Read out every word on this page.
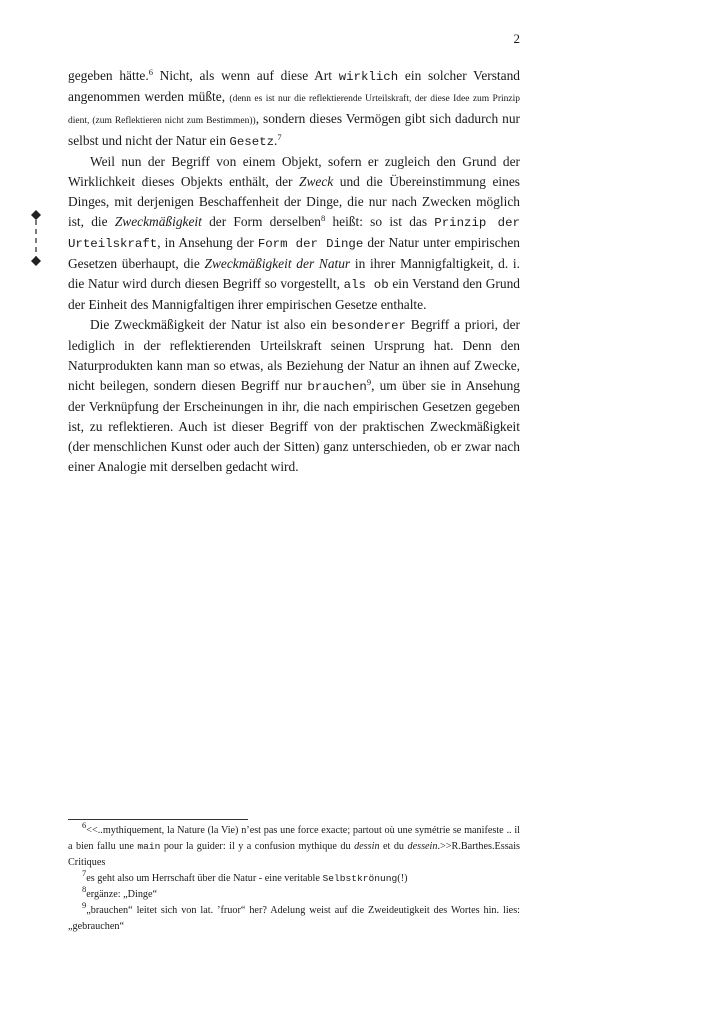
2

gegeben hätte.$^6$ Nicht, als wenn auf diese Art wirklich ein solcher Verstand angenommen werden müßte, (denn es ist nur die reflektierende Urteilskraft, der diese Idee zum Prinzip dient, (zum Reflektieren nicht zum Bestimmen)), sondern dieses Vermögen gibt sich dadurch nur selbst und nicht der Natur ein Gesetz.$^7$

Weil nun der Begriff von einem Objekt, sofern er zugleich den Grund der Wirklichkeit dieses Objekts enthält, der Zweck und die Übereinstimmung eines Dinges, mit derjenigen Beschaffenheit der Dinge, die nur nach Zwecken möglich ist, die Zweckmäßigkeit der Form derselben$^8$ heißt: so ist das Prinzip der Urteilskraft, in Ansehung der Form der Dinge der Natur unter empirischen Gesetzen überhaupt, die Zweckmäßigkeit der Natur in ihrer Mannigfaltigkeit, d. i. die Natur wird durch diesen Begriff so vorgestellt, als ob ein Verstand den Grund der Einheit des Mannigfaltigen ihrer empirischen Gesetze enthalte.

Die Zweckmäßigkeit der Natur ist also ein besonderer Begriff a priori, der lediglich in der reflektierenden Urteilskraft seinen Ursprung hat. Denn den Naturprodukten kann man so etwas, als Beziehung der Natur an ihnen auf Zwecke, nicht beilegen, sondern diesen Begriff nur brauchen$^9$, um über sie in Ansehung der Verknüpfung der Erscheinungen in ihr, die nach empirischen Gesetzen gegeben ist, zu reflektieren. Auch ist dieser Begriff von der praktischen Zweckmäßigkeit (der menschlichen Kunst oder auch der Sitten) ganz unterschieden, ob er zwar nach einer Analogie mit derselben gedacht wird.

$^6$<<..mythiquement, la Nature (la Vie) n’est pas une force exacte; partout où une symétrie se manifeste .. il a bien fallu une main pour la guider: il y a confusion mythique du dessin et du dessein.>>R.Barthes.Essais Critiques

$^7$es geht also um Herrschaft über die Natur - eine veritable Selbstkrönung(!)

$^8$ergänze: „Dinge“

$^9$„brauchen“ leitet sich von lat. ’fruor“ her? Adelung weist auf die Zweideutigkeit des Wortes hin. lies: „gebrauchen“
